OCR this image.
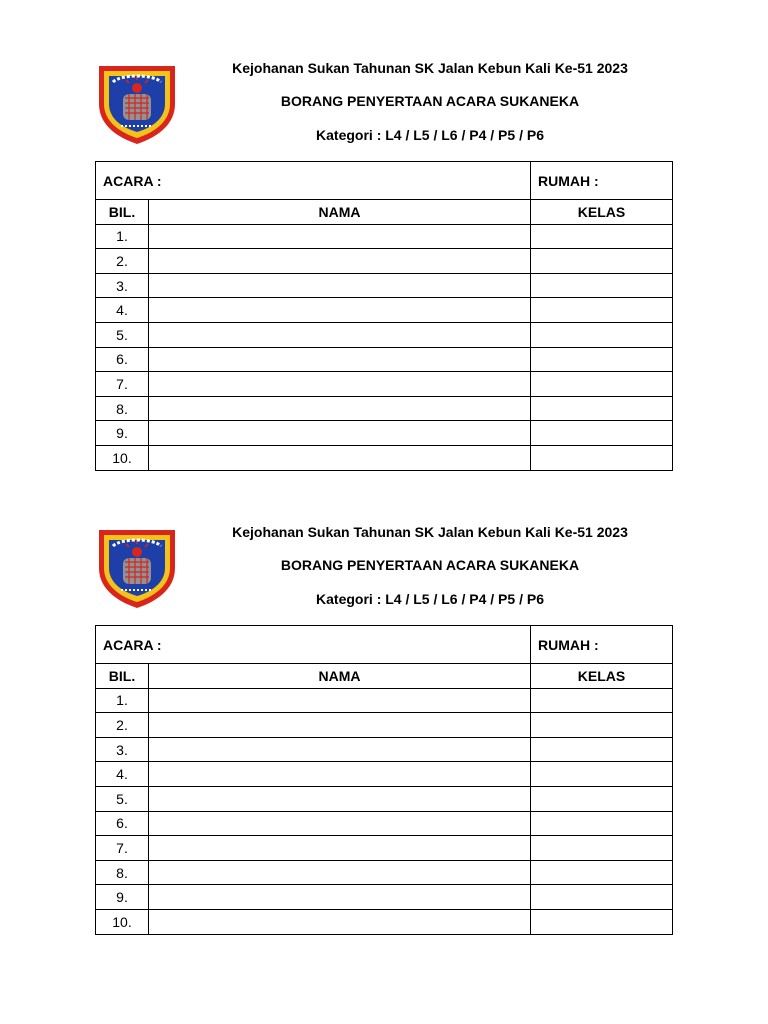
Kejohanan Sukan Tahunan SK Jalan Kebun Kali Ke-51 2023
BORANG PENYERTAAN ACARA SUKANEKA
Kategori : L4 / L5 / L6 / P4 / P5 / P6
ACARA :		RUMAH :
BIL.	NAMA	KELAS
1.		
2.		
3.		
4.		
5.		
6.		
7.		
8.		
9.		
10.		
Kejohanan Sukan Tahunan SK Jalan Kebun Kali Ke-51 2023
BORANG PENYERTAAN ACARA SUKANEKA
Kategori : L4 / L5 / L6 / P4 / P5 / P6
ACARA :		RUMAH :
BIL.	NAMA	KELAS
1.		
2.		
3.		
4.		
5.		
6.		
7.		
8.		
9.		
10.		
